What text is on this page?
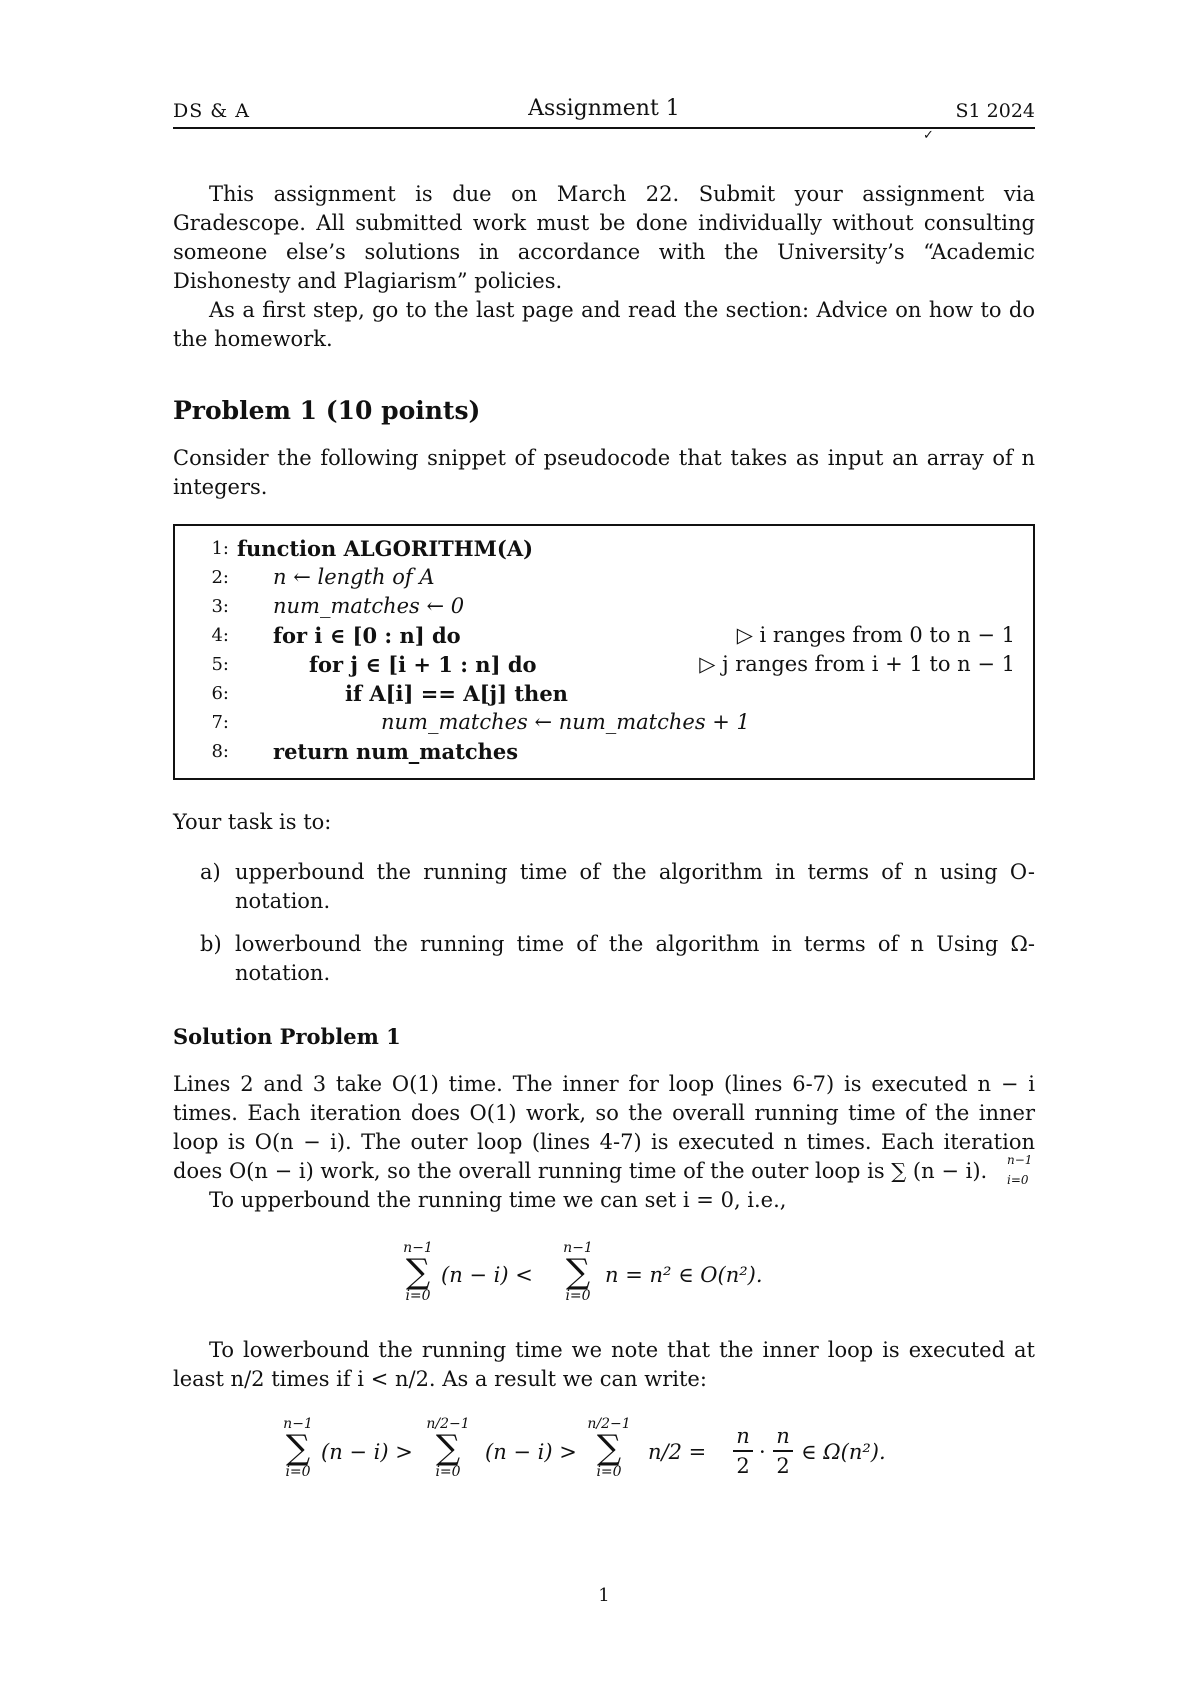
DS & A	Assignment 1	S1 2024
✓

This assignment is due on March 22. Submit your assignment via Gradescope. All submitted work must be done individually without consulting someone else’s solutions in accordance with the University’s “Academic Dishonesty and Plagiarism” policies.

As a first step, go to the last page and read the section: Advice on how to do the homework.

Problem 1 (10 points)

Consider the following snippet of pseudocode that takes as input an array of n integers.

1: function ALGORITHM(A)
2: n ← length of A
3: num_matches ← 0
4: for i ∈ [0 : n] do	▷ i ranges from 0 to n − 1
5:	for j ∈ [i + 1 : n] do	▷ j ranges from i + 1 to n − 1
6:	if A[i] == A[j] then
7:	num_matches ← num_matches + 1
8: return num_matches

Your task is to:

a) upperbound the running time of the algorithm in terms of n using O-notation.
b) lowerbound the running time of the algorithm in terms of n Using Ω-notation.
Solution Problem 1

Lines 2 and 3 take O(1) time. The inner for loop (lines 6-7) is executed n − i times. Each iteration does O(1) work, so the overall running time of the inner loop is O(n − i). The outer loop (lines 4-7) is executed n times. Each iteration does O(n − i) work, so the overall running time of the outer loop is ∑ (n − i).	n−1
i=0

To upperbound the running time we can set i = 0, i.e.,

n−1
∑
i=0
(n − i) <
n−1
∑
i=0
n = n² ∈ O(n²).

To lowerbound the running time we note that the inner loop is executed at least n/2 times if i < n/2. As a result we can write:

n−1
∑
i=0
(n − i) >
n/2−1
∑
i=0
(n − i) >
n/2−1
∑
i=0
n/2 =
n
2
·
n
2
∈ Ω(n²).
1
